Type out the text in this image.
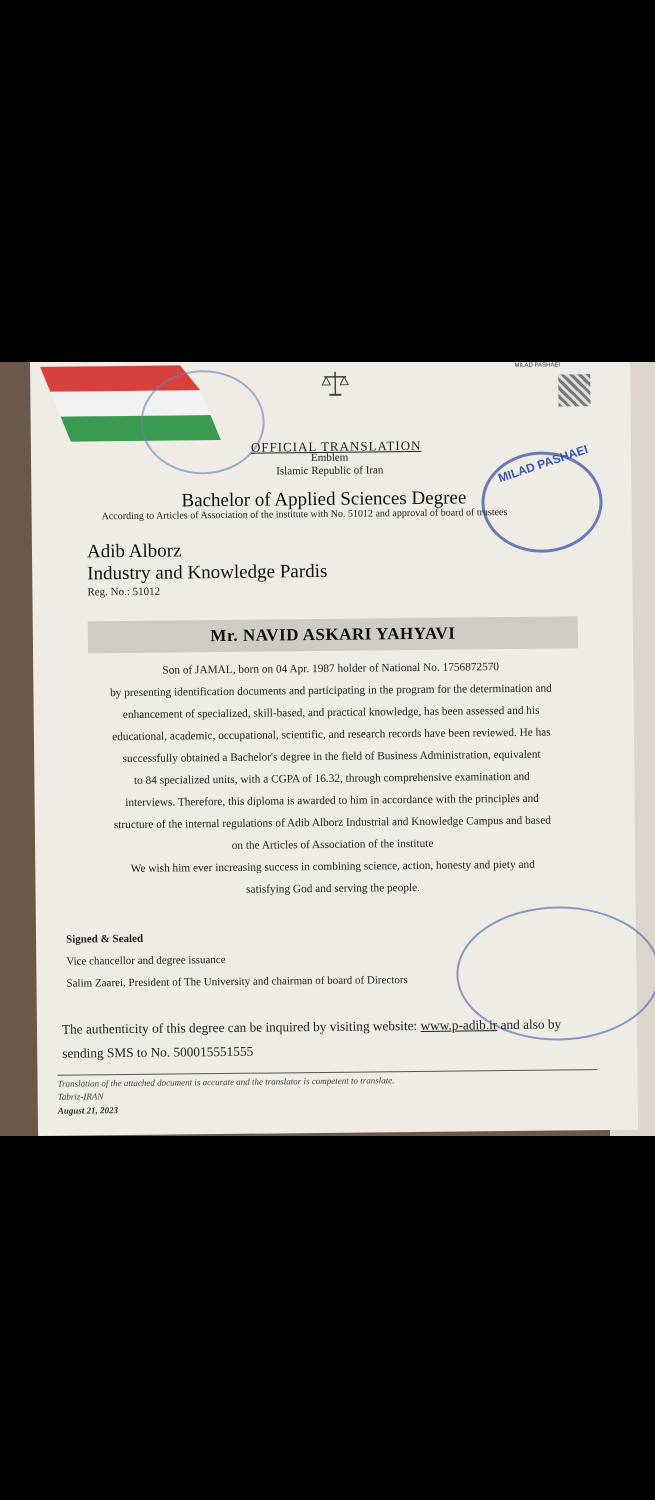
MILAD PASHAEI
OFFICIAL TRANSLATION
Emblem
Islamic Republic of Iran	MILAD PASHAEI
Bachelor of Applied Sciences Degree
According to Articles of Association of the institute with No. 51012 and approval of board of trustees
Adib Alborz
Industry and Knowledge Pardis
Reg. No.: 51012
Mr. NAVID ASKARI YAHYAVI
Son of JAMAL, born on 04 Apr. 1987 holder of National No. 1756872570
by presenting identification documents and participating in the program for the determination and
enhancement of specialized, skill-based, and practical knowledge, has been assessed and his
educational, academic, occupational, scientific, and research records have been reviewed. He has
successfully obtained a Bachelor's degree in the field of Business Administration, equivalent
to 84 specialized units, with a CGPA of 16.32, through comprehensive examination and
interviews. Therefore, this diploma is awarded to him in accordance with the principles and
structure of the internal regulations of Adib Alborz Industrial and Knowledge Campus and based
on the Articles of Association of the institute
We wish him ever increasing success in combining science, action, honesty and piety and
satisfying God and serving the people.
Signed & Sealed
Vice chancellor and degree issuance
Salim Zaarei, President of The University and chairman of board of Directors
The authenticity of this degree can be inquired by visiting website: www.p-adib.ir and also by
sending SMS to No. 500015551555
Translation of the attached document is accurate and the translator is competent to translate.
Tabriz-IRAN
August 21, 2023
